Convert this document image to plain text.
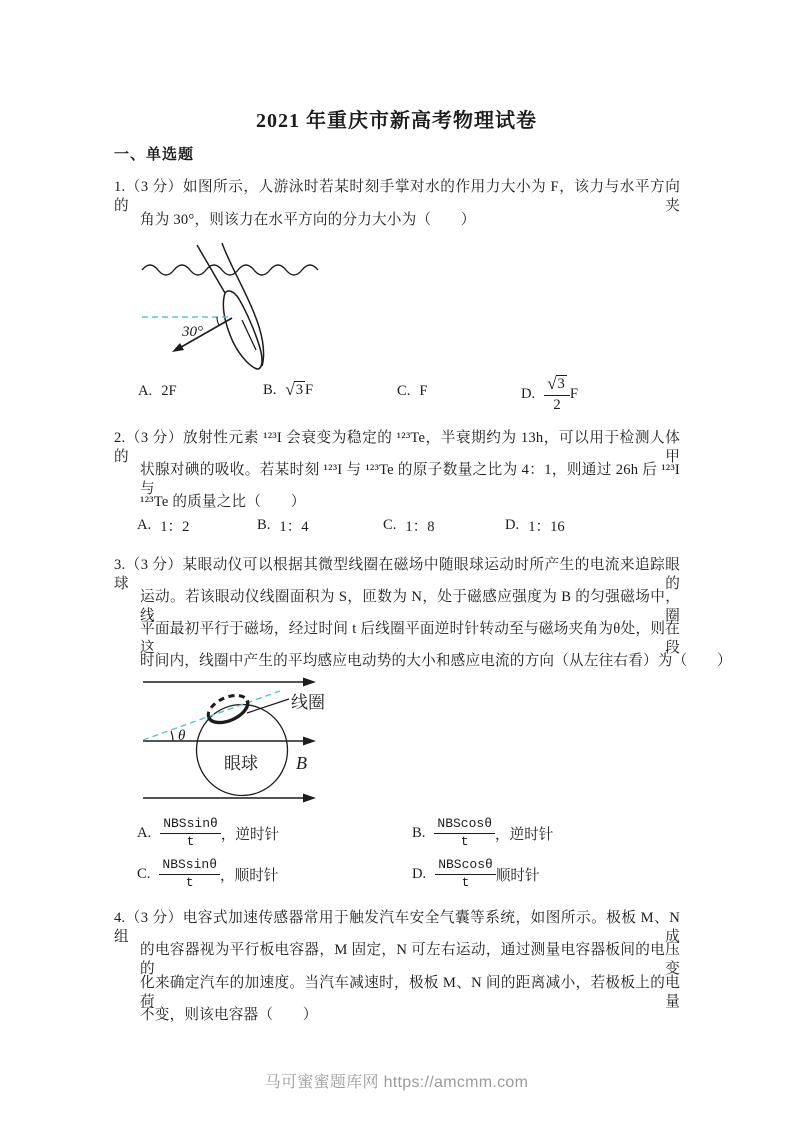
2021 年重庆市新高考物理试卷
一、单选题
1.（3 分）如图所示，人游泳时若某时刻手掌对水的作用力大小为 F，该力与水平方向的夹
角为 30°，则该力在水平方向的分力大小为（　　）
30°
A. 2F	B. √ 3 F	C. F	D. $\frac{√ 3}{2}$ F
2.（3 分）放射性元素 ¹²³I 会衰变为稳定的 ¹²³Te，半衰期约为 13h，可以用于检测人体的甲
状腺对碘的吸收。若某时刻 ¹²³I 与 ¹²³Te 的原子数量之比为 4：1，则通过 26h 后 ¹²³I 与
¹²³Te 的质量之比（　　）
A. 1：2	B. 1：4	C. 1：8	D. 1：16
3.（3 分）某眼动仪可以根据其微型线圈在磁场中随眼球运动时所产生的电流来追踪眼球的
运动。若该眼动仪线圈面积为 S，匝数为 N，处于磁感应强度为 B 的匀强磁场中，线圈
平面最初平行于磁场，经过时间 t 后线圈平面逆时针转动至与磁场夹角为θ处，则在这段
时间内，线圈中产生的平均感应电动势的大小和感应电流的方向（从左往右看）为（　　）
θ
线圈
眼球 B
A. $\frac{\text{NBSsinθ}}{t}$ ，逆时针	B. $\frac{\text{NBScosθ}}{t}$ ，逆时针
C. $\frac{\text{NBSsinθ}}{t}$ ，顺时针	D. $\frac{\text{NBScosθ}}{t}$ 顺时针
4.（3 分）电容式加速传感器常用于触发汽车安全气囊等系统，如图所示。极板 M、N 组成
的电容器视为平行板电容器，M 固定，N 可左右运动，通过测量电容器板间的电压的变
化来确定汽车的加速度。当汽车减速时，极板 M、N 间的距离减小，若极板上的电荷量
不变，则该电容器（　　）
马可蜜蜜题库网 https://amcmm.com
